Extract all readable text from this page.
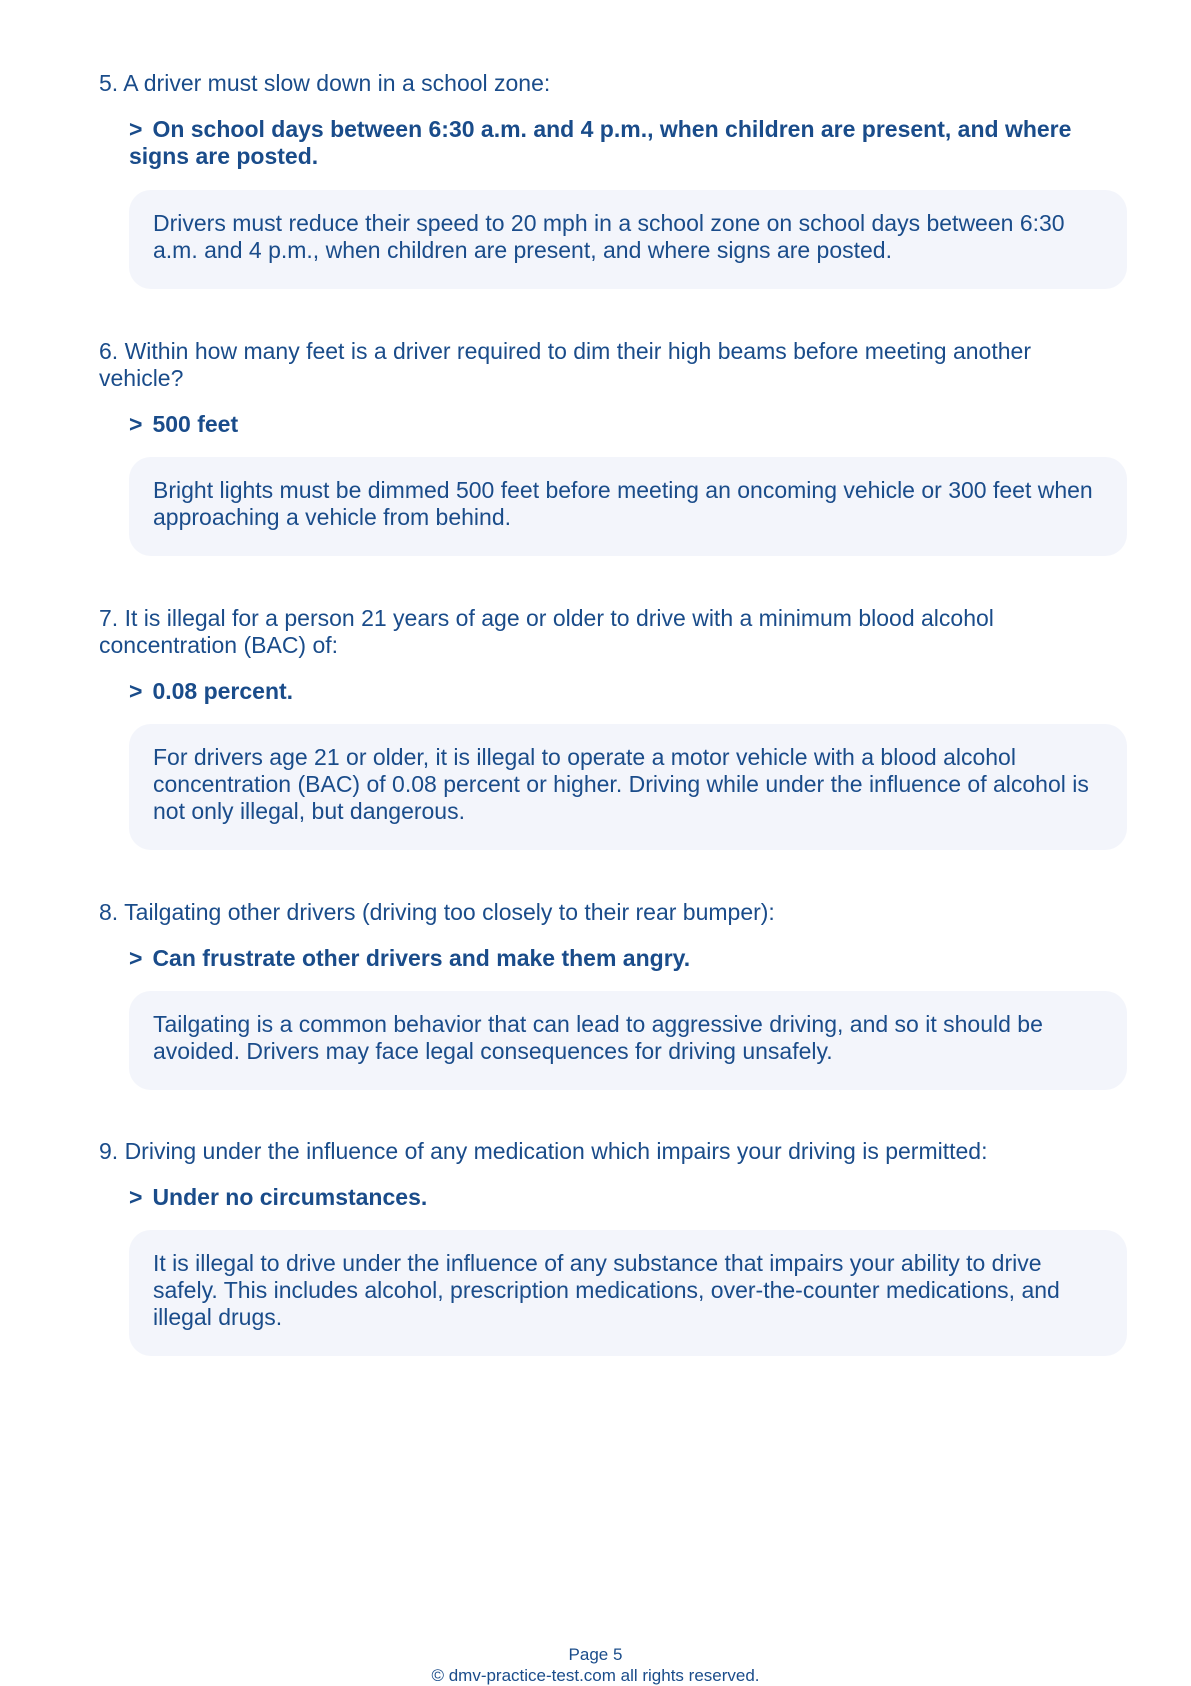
5. A driver must slow down in a school zone:

> On school days between 6:30 a.m. and 4 p.m., when children are present, and where signs are posted.

Drivers must reduce their speed to 20 mph in a school zone on school days between 6:30 a.m. and 4 p.m., when children are present, and where signs are posted.

6. Within how many feet is a driver required to dim their high beams before meeting another vehicle?

> 500 feet

Bright lights must be dimmed 500 feet before meeting an oncoming vehicle or 300 feet when approaching a vehicle from behind.

7. It is illegal for a person 21 years of age or older to drive with a minimum blood alcohol concentration (BAC) of:

> 0.08 percent.

For drivers age 21 or older, it is illegal to operate a motor vehicle with a blood alcohol concentration (BAC) of 0.08 percent or higher. Driving while under the influence of alcohol is not only illegal, but dangerous.

8. Tailgating other drivers (driving too closely to their rear bumper):

> Can frustrate other drivers and make them angry.

Tailgating is a common behavior that can lead to aggressive driving, and so it should be avoided. Drivers may face legal consequences for driving unsafely.

9. Driving under the influence of any medication which impairs your driving is permitted:

> Under no circumstances.

It is illegal to drive under the influence of any substance that impairs your ability to drive safely. This includes alcohol, prescription medications, over-the-counter medications, and illegal drugs.
Page 5
© dmv-practice-test.com all rights reserved.
